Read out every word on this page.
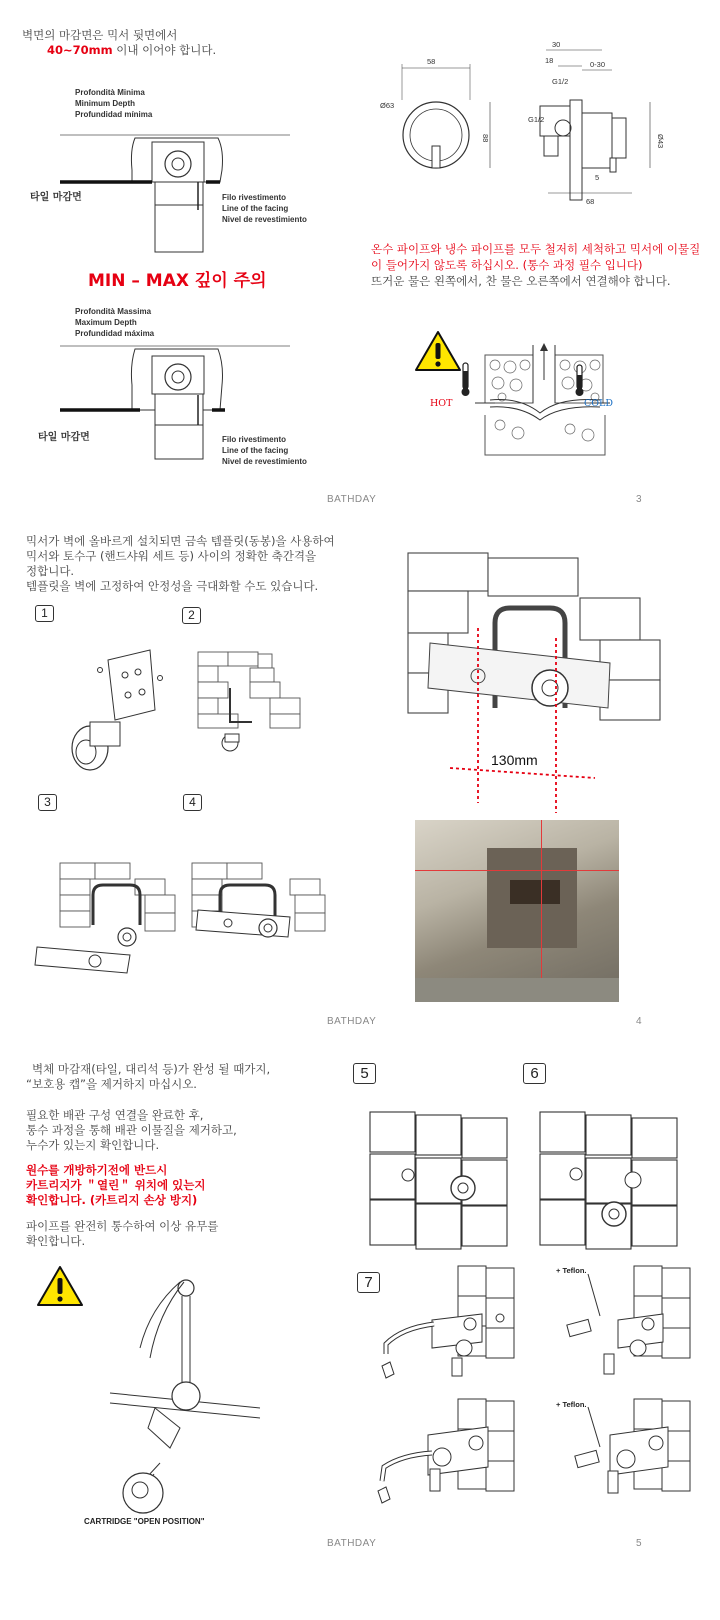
벽면의 마감면은 믹서 뒷면에서
40~70mm 이내 이어야 합니다.
Profondità Minima
Minimum Depth
Profundidad mínima
타일 마감면	Filo rivestimento
Line of the facing
Nivel de revestimiento
MIN – MAX 깊이 주의
Profondità Massima
Maximum Depth
Profundidad máxima
타일 마감면	Filo rivestimento
Line of the facing
Nivel de revestimiento
58
Ø63
88
30
18	0-30
G1/2
G1/2
Ø43
5
68
온수 파이프와 냉수 파이프를 모두 철저히 세척하고 믹서에 이물질이 들어가지 않도록 하십시오. (통수 과정 필수 입니다)
뜨거운 물은 왼쪽에서, 찬 물은 오른쪽에서 연결해야 합니다.
HOT	COLD
BATHDAY	3
믹서가 벽에 올바르게 설치되면 금속 템플릿(동봉)을 사용하여
믹서와 토수구 (핸드샤워 세트 등) 사이의 정확한 축간격을
정합니다.
템플릿을 벽에 고정하여 안정성을 극대화할 수도 있습니다.
1	2
3	4
130mm
BATHDAY	4
벽체 마감재(타일, 대리석 등)가 완성 될 때가지,
“보호용 캡”을 제거하지 마십시오.
필요한 배관 구성 연결을 완료한 후,
통수 과정을 통해 배관 이물질을 제거하고,
누수가 있는지 확인합니다.
원수를 개방하기전에 반드시
카트리지가 ＂열린＂ 위치에 있는지
확인합니다. (카트리지 손상 방지)
파이프를 완전히 통수하여 이상 유무를
확인합니다.
CARTRIDGE "OPEN POSITION"
5	6
7
+ Teflon.
+ Teflon.
BATHDAY	5
